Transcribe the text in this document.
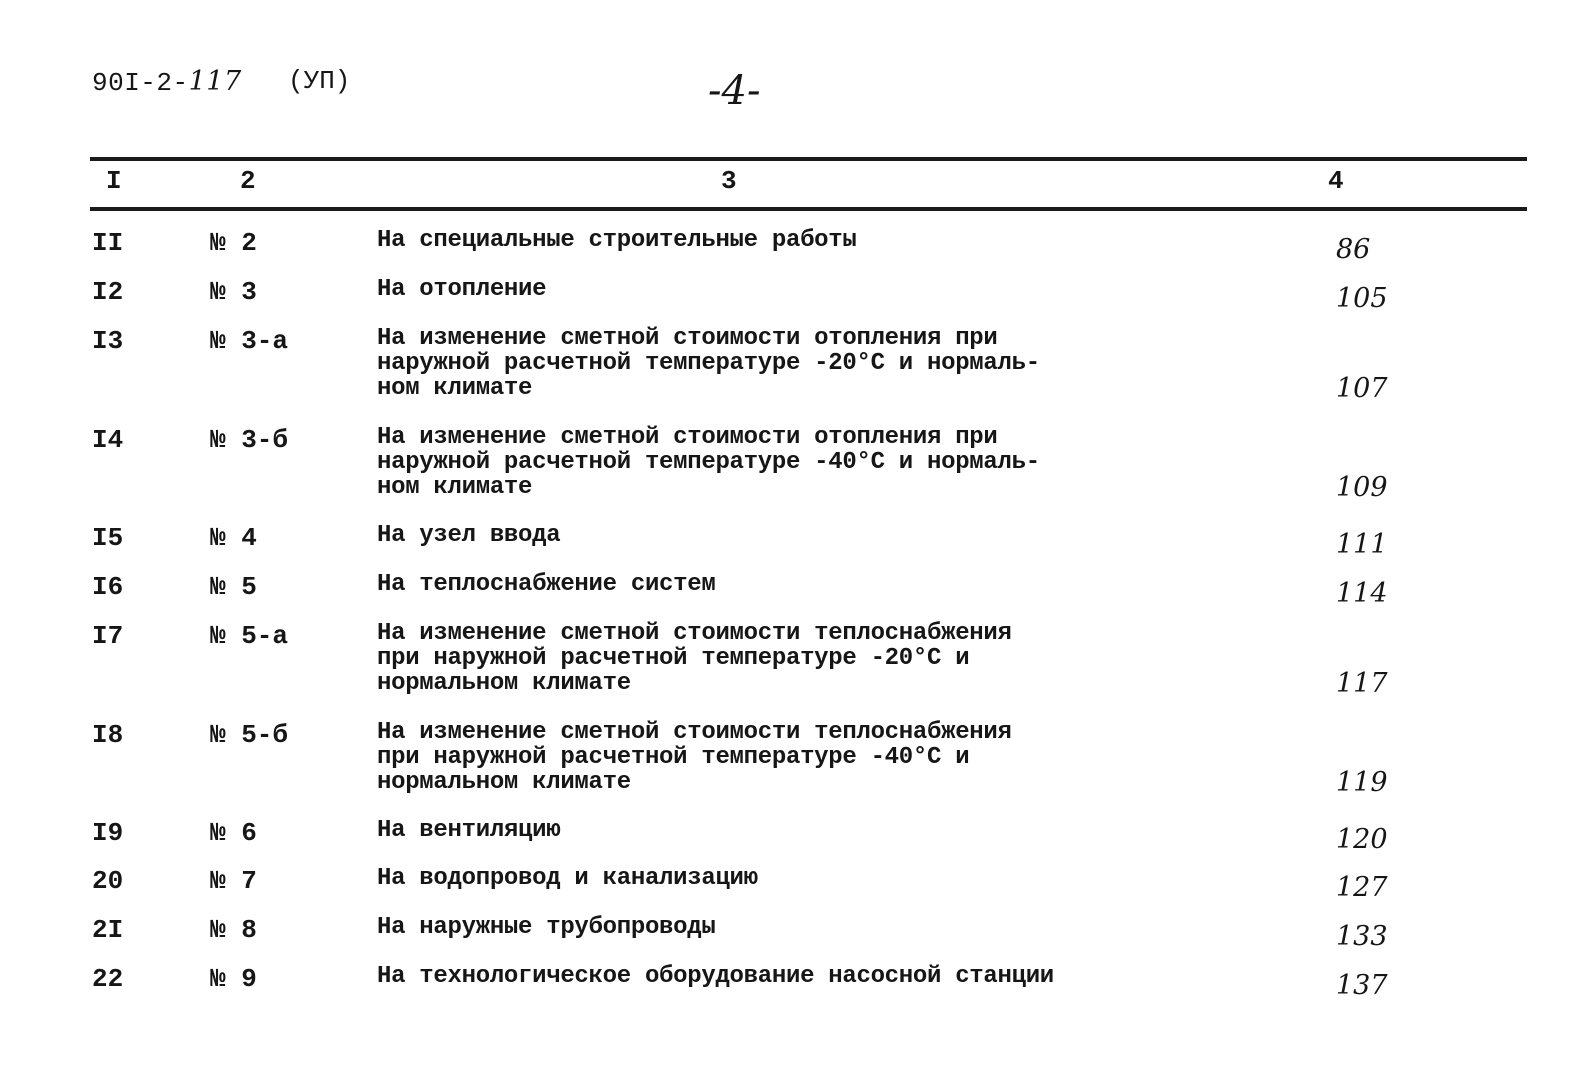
90I-2-117 (УП)	-4-
I	2	3	4
II	№ 2	На специальные строительные работы	86
I2	№ 3	На отопление	105
I3	№ 3-а	На изменение сметной стоимости отопления при
наружной расчетной температуре -20°С и нормаль-
ном климате	107
I4	№ 3-б	На изменение сметной стоимости отопления при
наружной расчетной температуре -40°С и нормаль-
ном климате	109
I5	№ 4	На узел ввода	111
I6	№ 5	На теплоснабжение систем	114
I7	№ 5-а	На изменение сметной стоимости теплоснабжения
при наружной расчетной температуре -20°С и
нормальном климате	117
I8	№ 5-б	На изменение сметной стоимости теплоснабжения
при наружной расчетной температуре -40°С и
нормальном климате	119
I9	№ 6	На вентиляцию	120
20	№ 7	На водопровод и канализацию	127
2I	№ 8	На наружные трубопроводы	133
22	№ 9	На технологическое оборудование насосной станции	137
